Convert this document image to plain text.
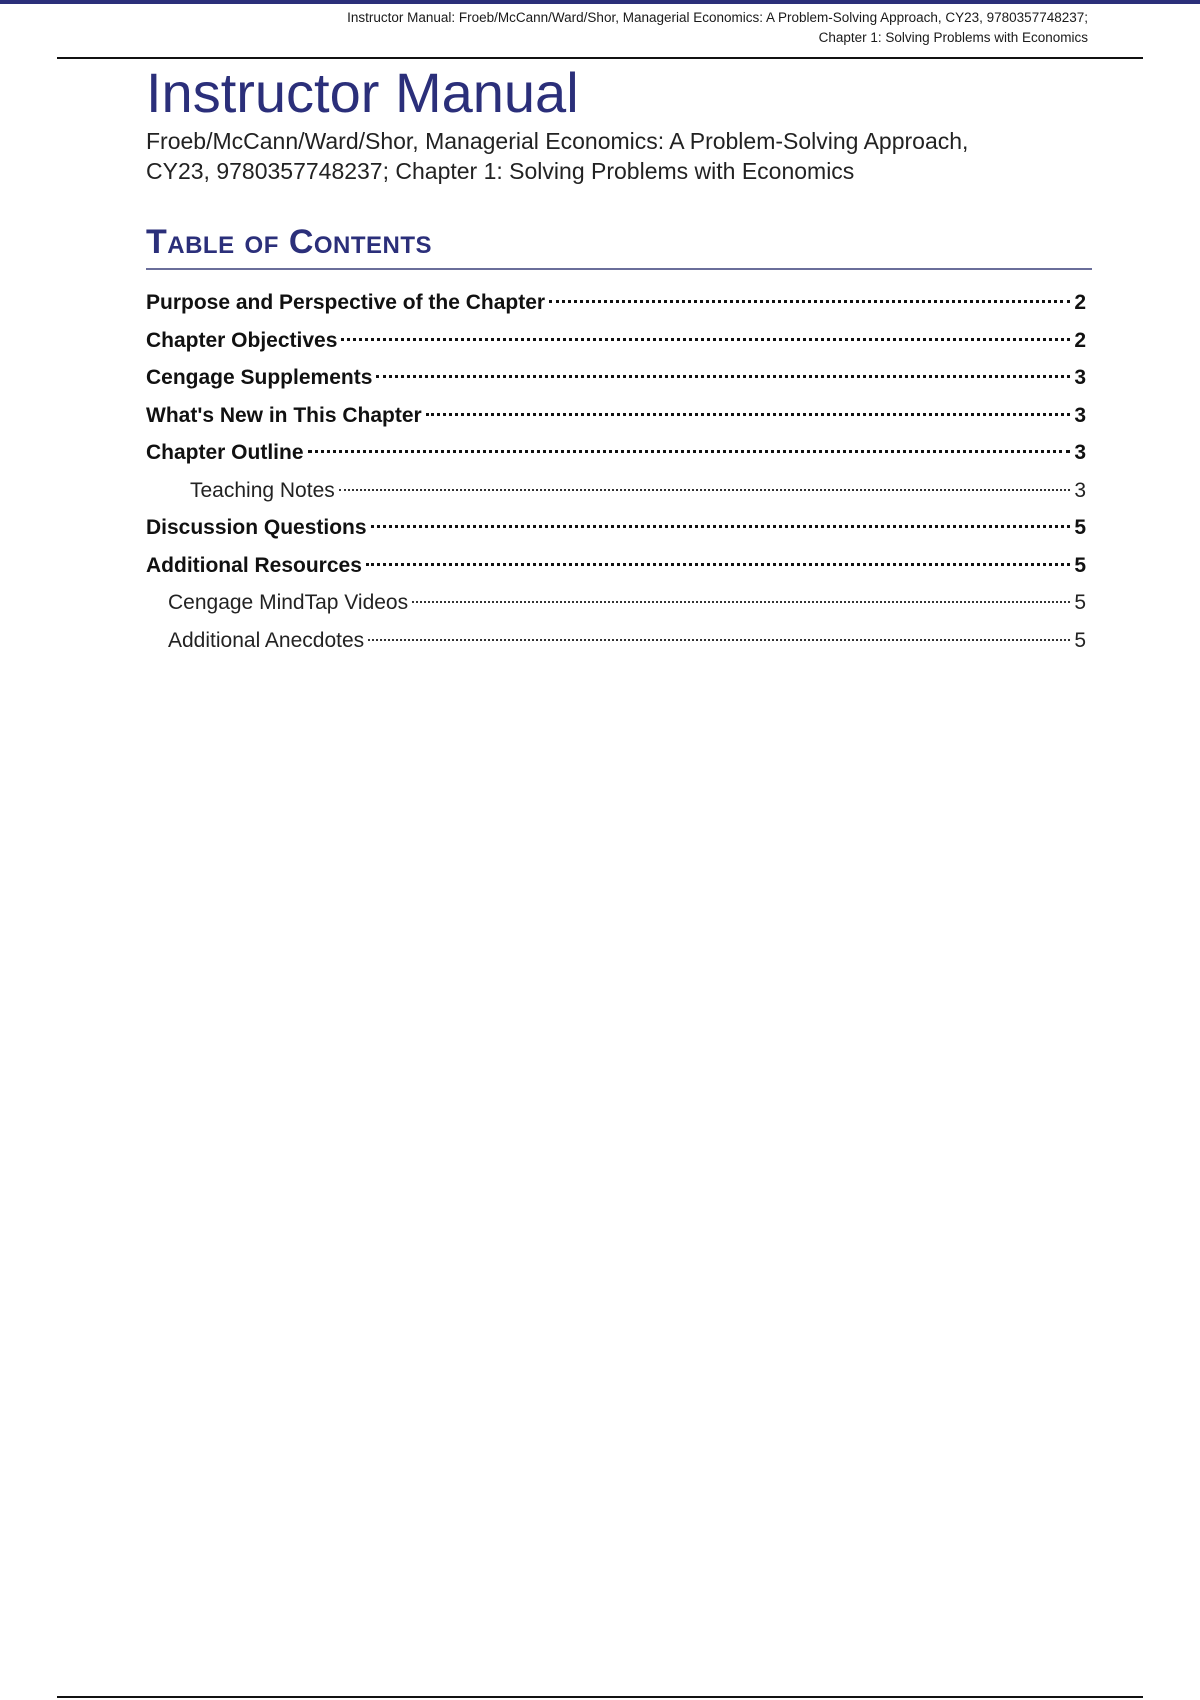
Instructor Manual: Froeb/McCann/Ward/Shor, Managerial Economics: A Problem-Solving Approach, CY23, 9780357748237;
Chapter 1: Solving Problems with Economics
Instructor Manual
Froeb/McCann/Ward/Shor, Managerial Economics: A Problem-Solving Approach,
CY23, 9780357748237; Chapter 1: Solving Problems with Economics
Table of Contents
Purpose and Perspective of the Chapter	2
Chapter Objectives	2
Cengage Supplements	3
What's New in This Chapter	3
Chapter Outline	3
Teaching Notes	3
Discussion Questions	5
Additional Resources	5
Cengage MindTap Videos	5
Additional Anecdotes	5
